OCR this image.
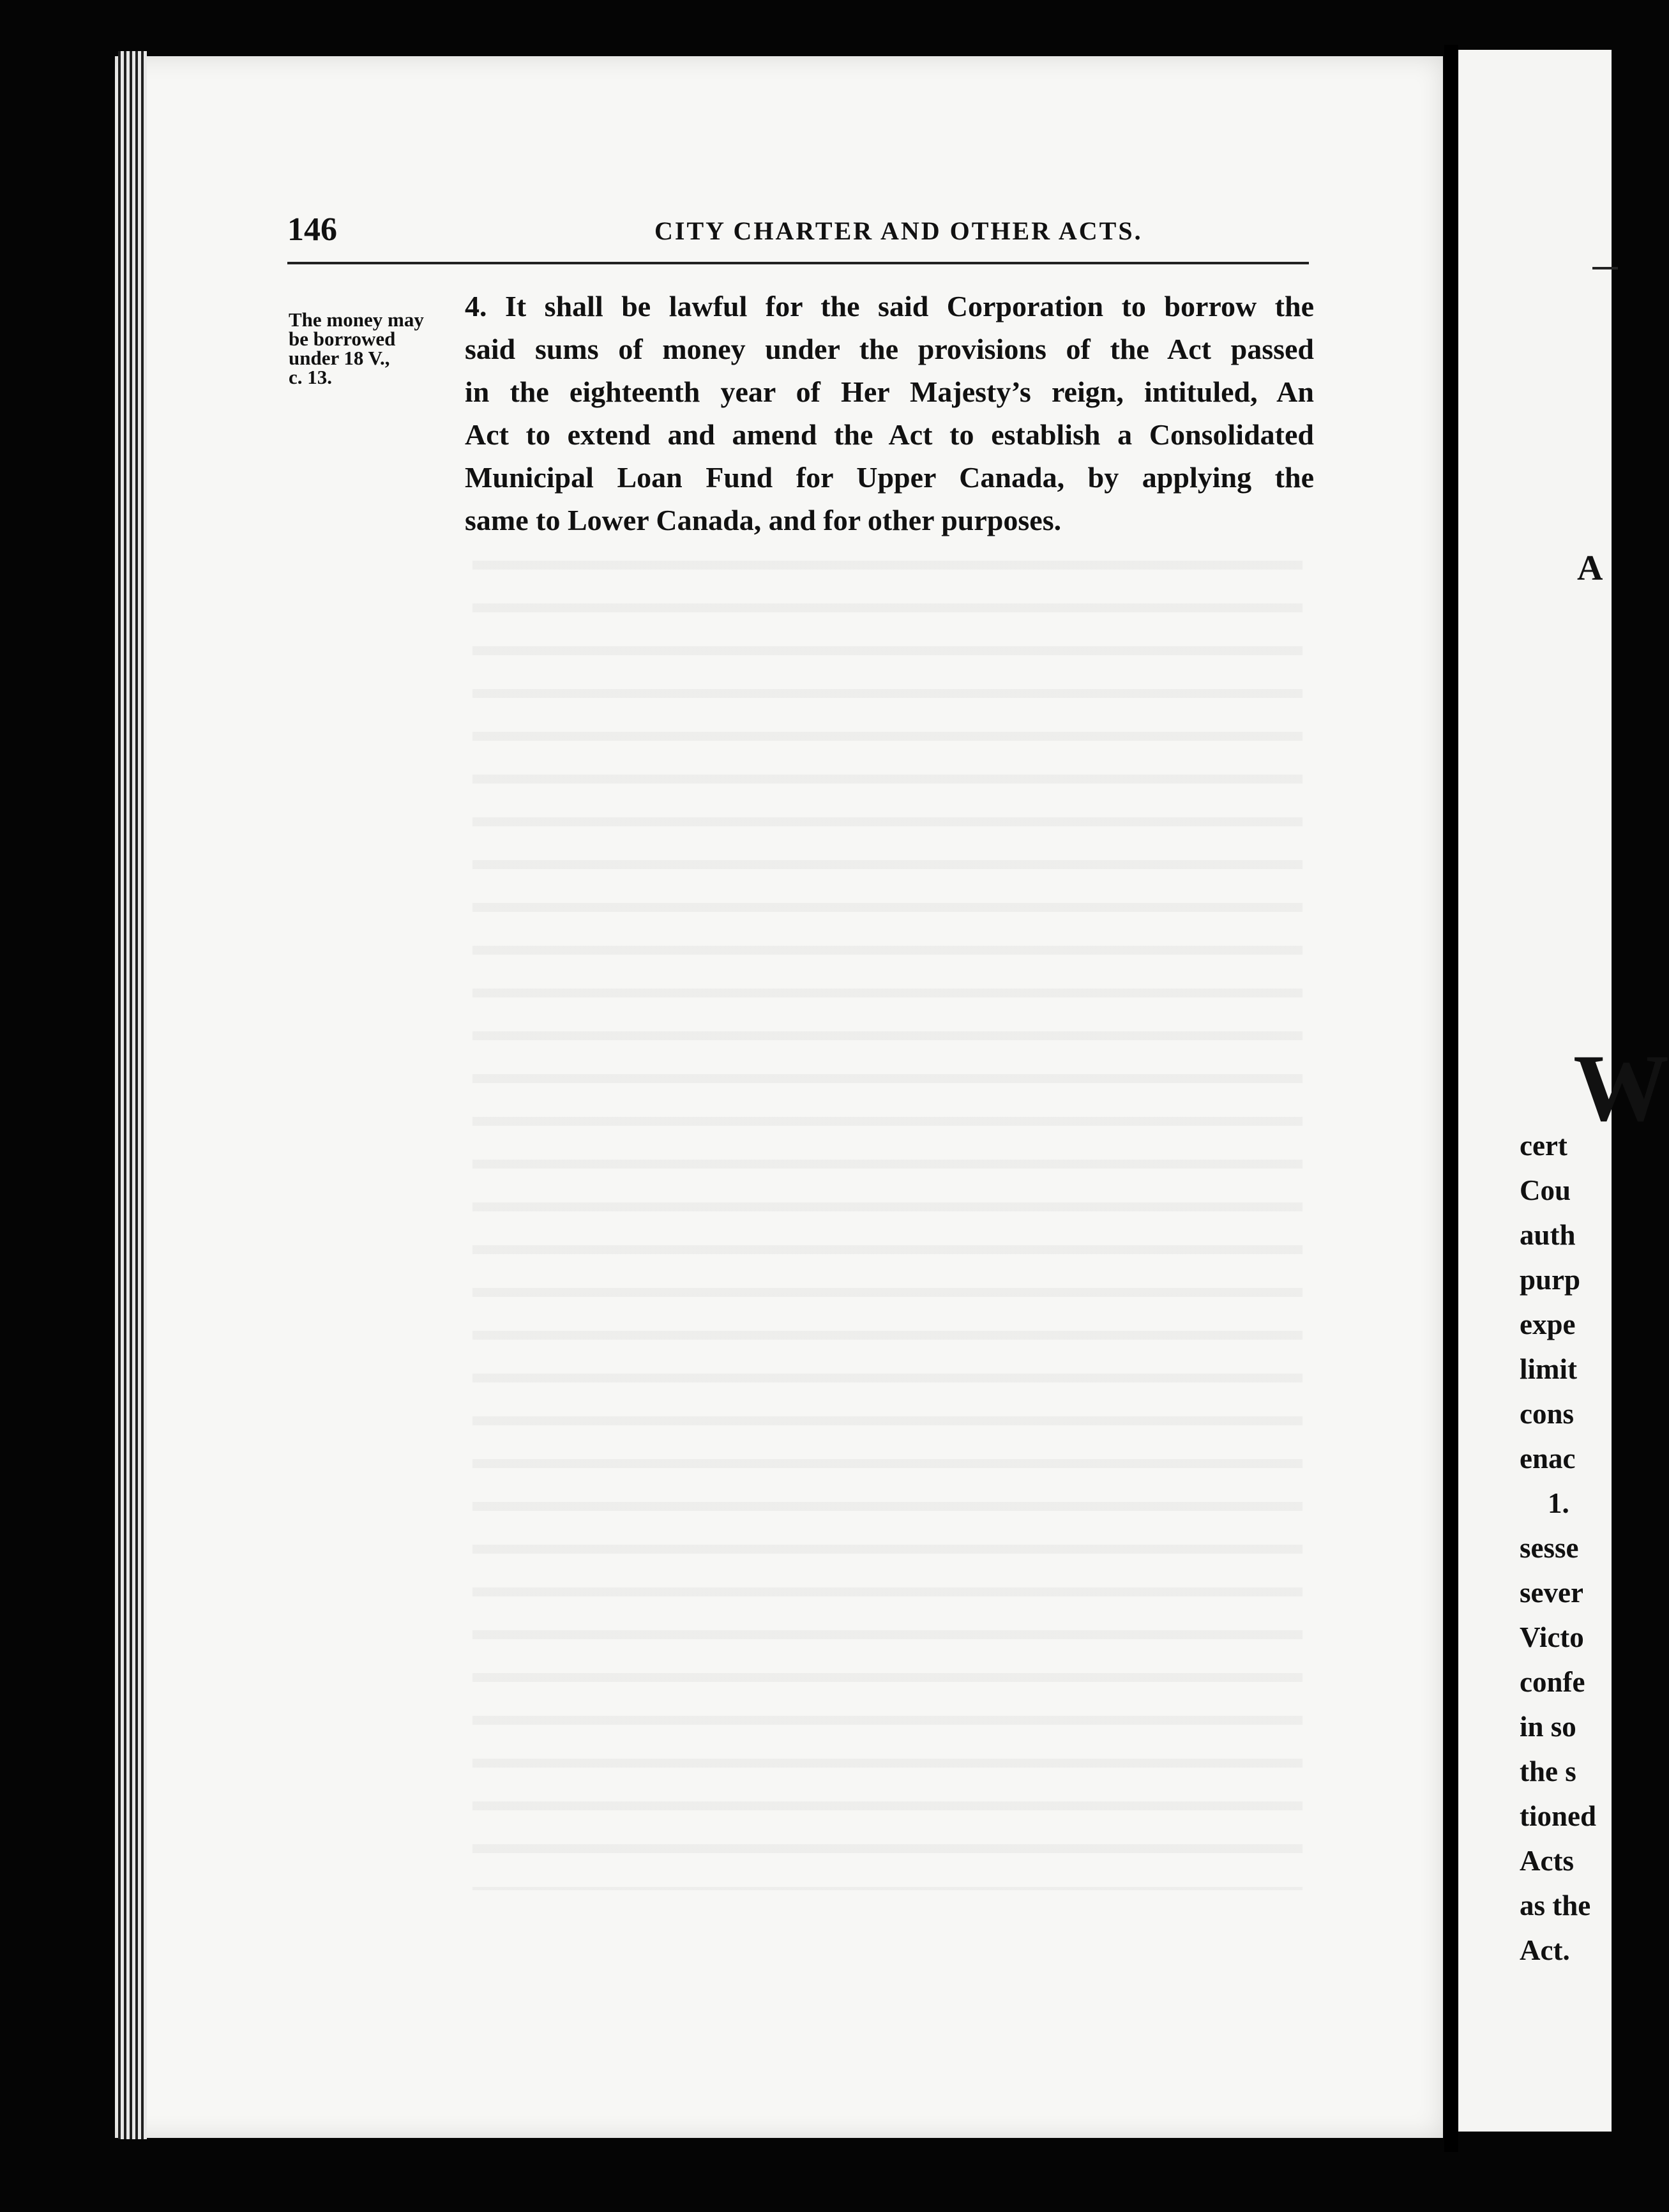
146	CITY CHARTER AND OTHER ACTS.
The money may
be borrowed
under 18 V.,
c. 13.
4. It shall be lawful for the said Corporation to borrow the
said sums of money under the provisions of the Act passed
in the eighteenth year of Her Majesty’s reign, intituled, An
Act to extend and amend the Act to establish a Consolidated
Municipal Loan Fund for Upper Canada, by applying the
same to Lower Canada, and for other purposes.
A
W
cert
Cou
auth
purp
expe
limit
cons
enac
1.
sesse
sever
Victo
confe
in so
the s
tioned
Acts
as the
Act.
